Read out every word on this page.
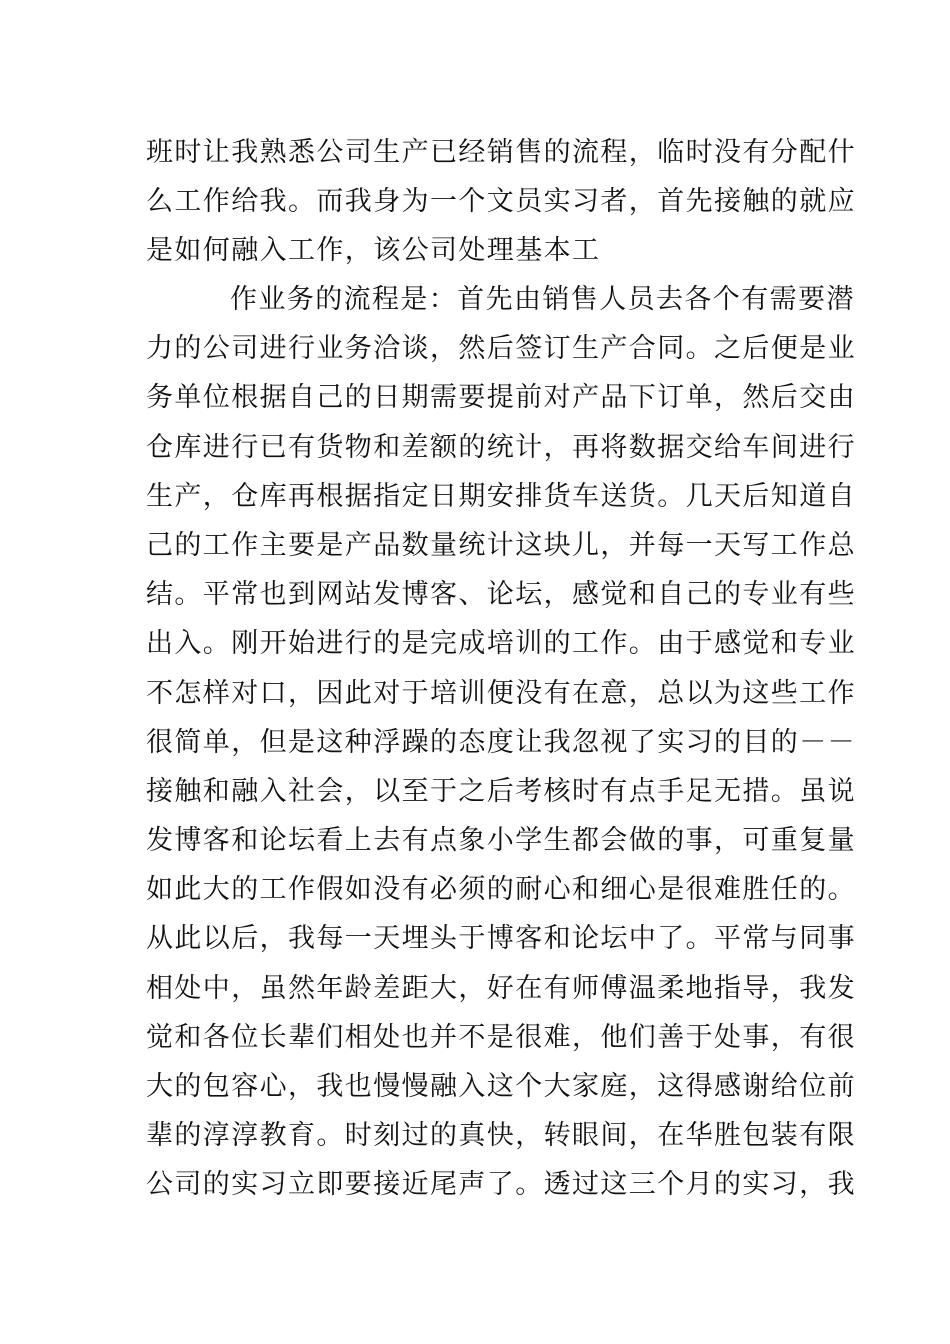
班时让我熟悉公司生产已经销售的流程，临时没有分配什
么工作给我。而我身为一个文员实习者，首先接触的就应
是如何融入工作，该公司处理基本工
作业务的流程是：首先由销售人员去各个有需要潜
力的公司进行业务洽谈，然后签订生产合同。之后便是业
务单位根据自己的日期需要提前对产品下订单，然后交由
仓库进行已有货物和差额的统计，再将数据交给车间进行
生产，仓库再根据指定日期安排货车送货。几天后知道自
己的工作主要是产品数量统计这块儿，并每一天写工作总
结。平常也到网站发博客、论坛，感觉和自己的专业有些
出入。刚开始进行的是完成培训的工作。由于感觉和专业
不怎样对口，因此对于培训便没有在意，总以为这些工作
很简单，但是这种浮躁的态度让我忽视了实习的目的－－
接触和融入社会，以至于之后考核时有点手足无措。虽说
发博客和论坛看上去有点象小学生都会做的事，可重复量
如此大的工作假如没有必须的耐心和细心是很难胜任的。
从此以后，我每一天埋头于博客和论坛中了。平常与同事
相处中，虽然年龄差距大，好在有师傅温柔地指导，我发
觉和各位长辈们相处也并不是很难，他们善于处事，有很
大的包容心，我也慢慢融入这个大家庭，这得感谢给位前
辈的淳淳教育。时刻过的真快，转眼间，在华胜包装有限
公司的实习立即要接近尾声了。透过这三个月的实习，我
